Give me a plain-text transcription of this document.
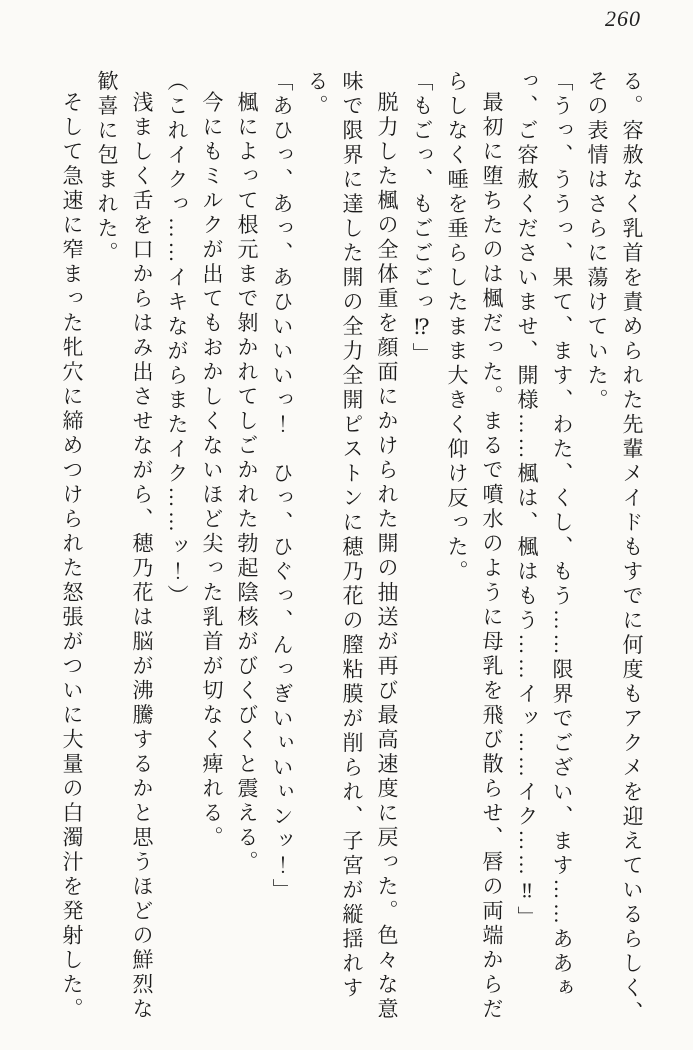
260

る。容赦なく乳首を責められた先輩メイドもすでに何度もアクメを迎えているらしく、その表情はさらに蕩けていた。

「うっ、ううっ、果て、ます、わた、くし、もう……限界でござい、ます……ああぁっ、ご容赦くださいませ、開様……楓は、楓はもう……イッ……イク……‼」

最初に堕ちたのは楓だった。まるで噴水のように母乳を飛び散らせ、唇の両端からだらしなく唾を垂らしたまま大きく仰け反った。

「もごっ、もごごごっ⁉」

脱力した楓の全体重を顔面にかけられた開の抽送が再び最高速度に戻った。色々な意味で限界に達した開の全力全開ピストンに穂乃花の膣粘膜が削られ、子宮が縦揺れする。

「あひっ、あっ、あひいいいっ！　ひっ、ひぐっ、んっぎいぃいぃンッ！」

楓によって根元まで剝かれてしごかれた勃起陰核がびくびくと震える。

今にもミルクが出てもおかしくないほど尖った乳首が切なく痺れる。

（これイクっ……イキながらまたイク……ッ！）

浅ましく舌を口からはみ出させながら、穂乃花は脳が沸騰するかと思うほどの鮮烈な歓喜に包まれた。

そして急速に窄まった牝穴に締めつけられた怒張がついに大量の白濁汁を発射した。
